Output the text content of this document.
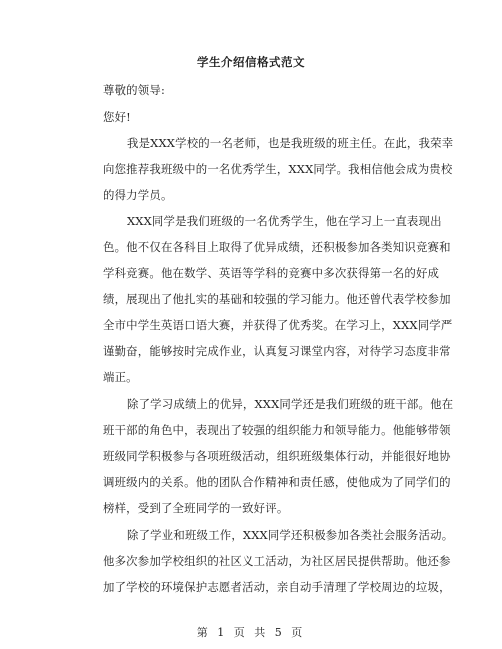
学生介绍信格式范文
尊敬的领导:
您好!
我是XXX学校的一名老师，也是我班级的班主任。在此，我荣幸
向您推荐我班级中的一名优秀学生，XXX同学。我相信他会成为贵校
的得力学员。
XXX同学是我们班级的一名优秀学生，他在学习上一直表现出
色。他不仅在各科目上取得了优异成绩，还积极参加各类知识竞赛和
学科竞赛。他在数学、英语等学科的竞赛中多次获得第一名的好成
绩，展现出了他扎实的基础和较强的学习能力。他还曾代表学校参加
全市中学生英语口语大赛，并获得了优秀奖。在学习上，XXX同学严
谨勤奋，能够按时完成作业，认真复习课堂内容，对待学习态度非常
端正。
除了学习成绩上的优异，XXX同学还是我们班级的班干部。他在
班干部的角色中，表现出了较强的组织能力和领导能力。他能够带领
班级同学积极参与各项班级活动，组织班级集体行动，并能很好地协
调班级内的关系。他的团队合作精神和责任感，使他成为了同学们的
榜样，受到了全班同学的一致好评。
除了学业和班级工作，XXX同学还积极参加各类社会服务活动。
他多次参加学校组织的社区义工活动，为社区居民提供帮助。他还参
加了学校的环境保护志愿者活动，亲自动手清理了学校周边的垃圾，
第 1 页 共 5 页
